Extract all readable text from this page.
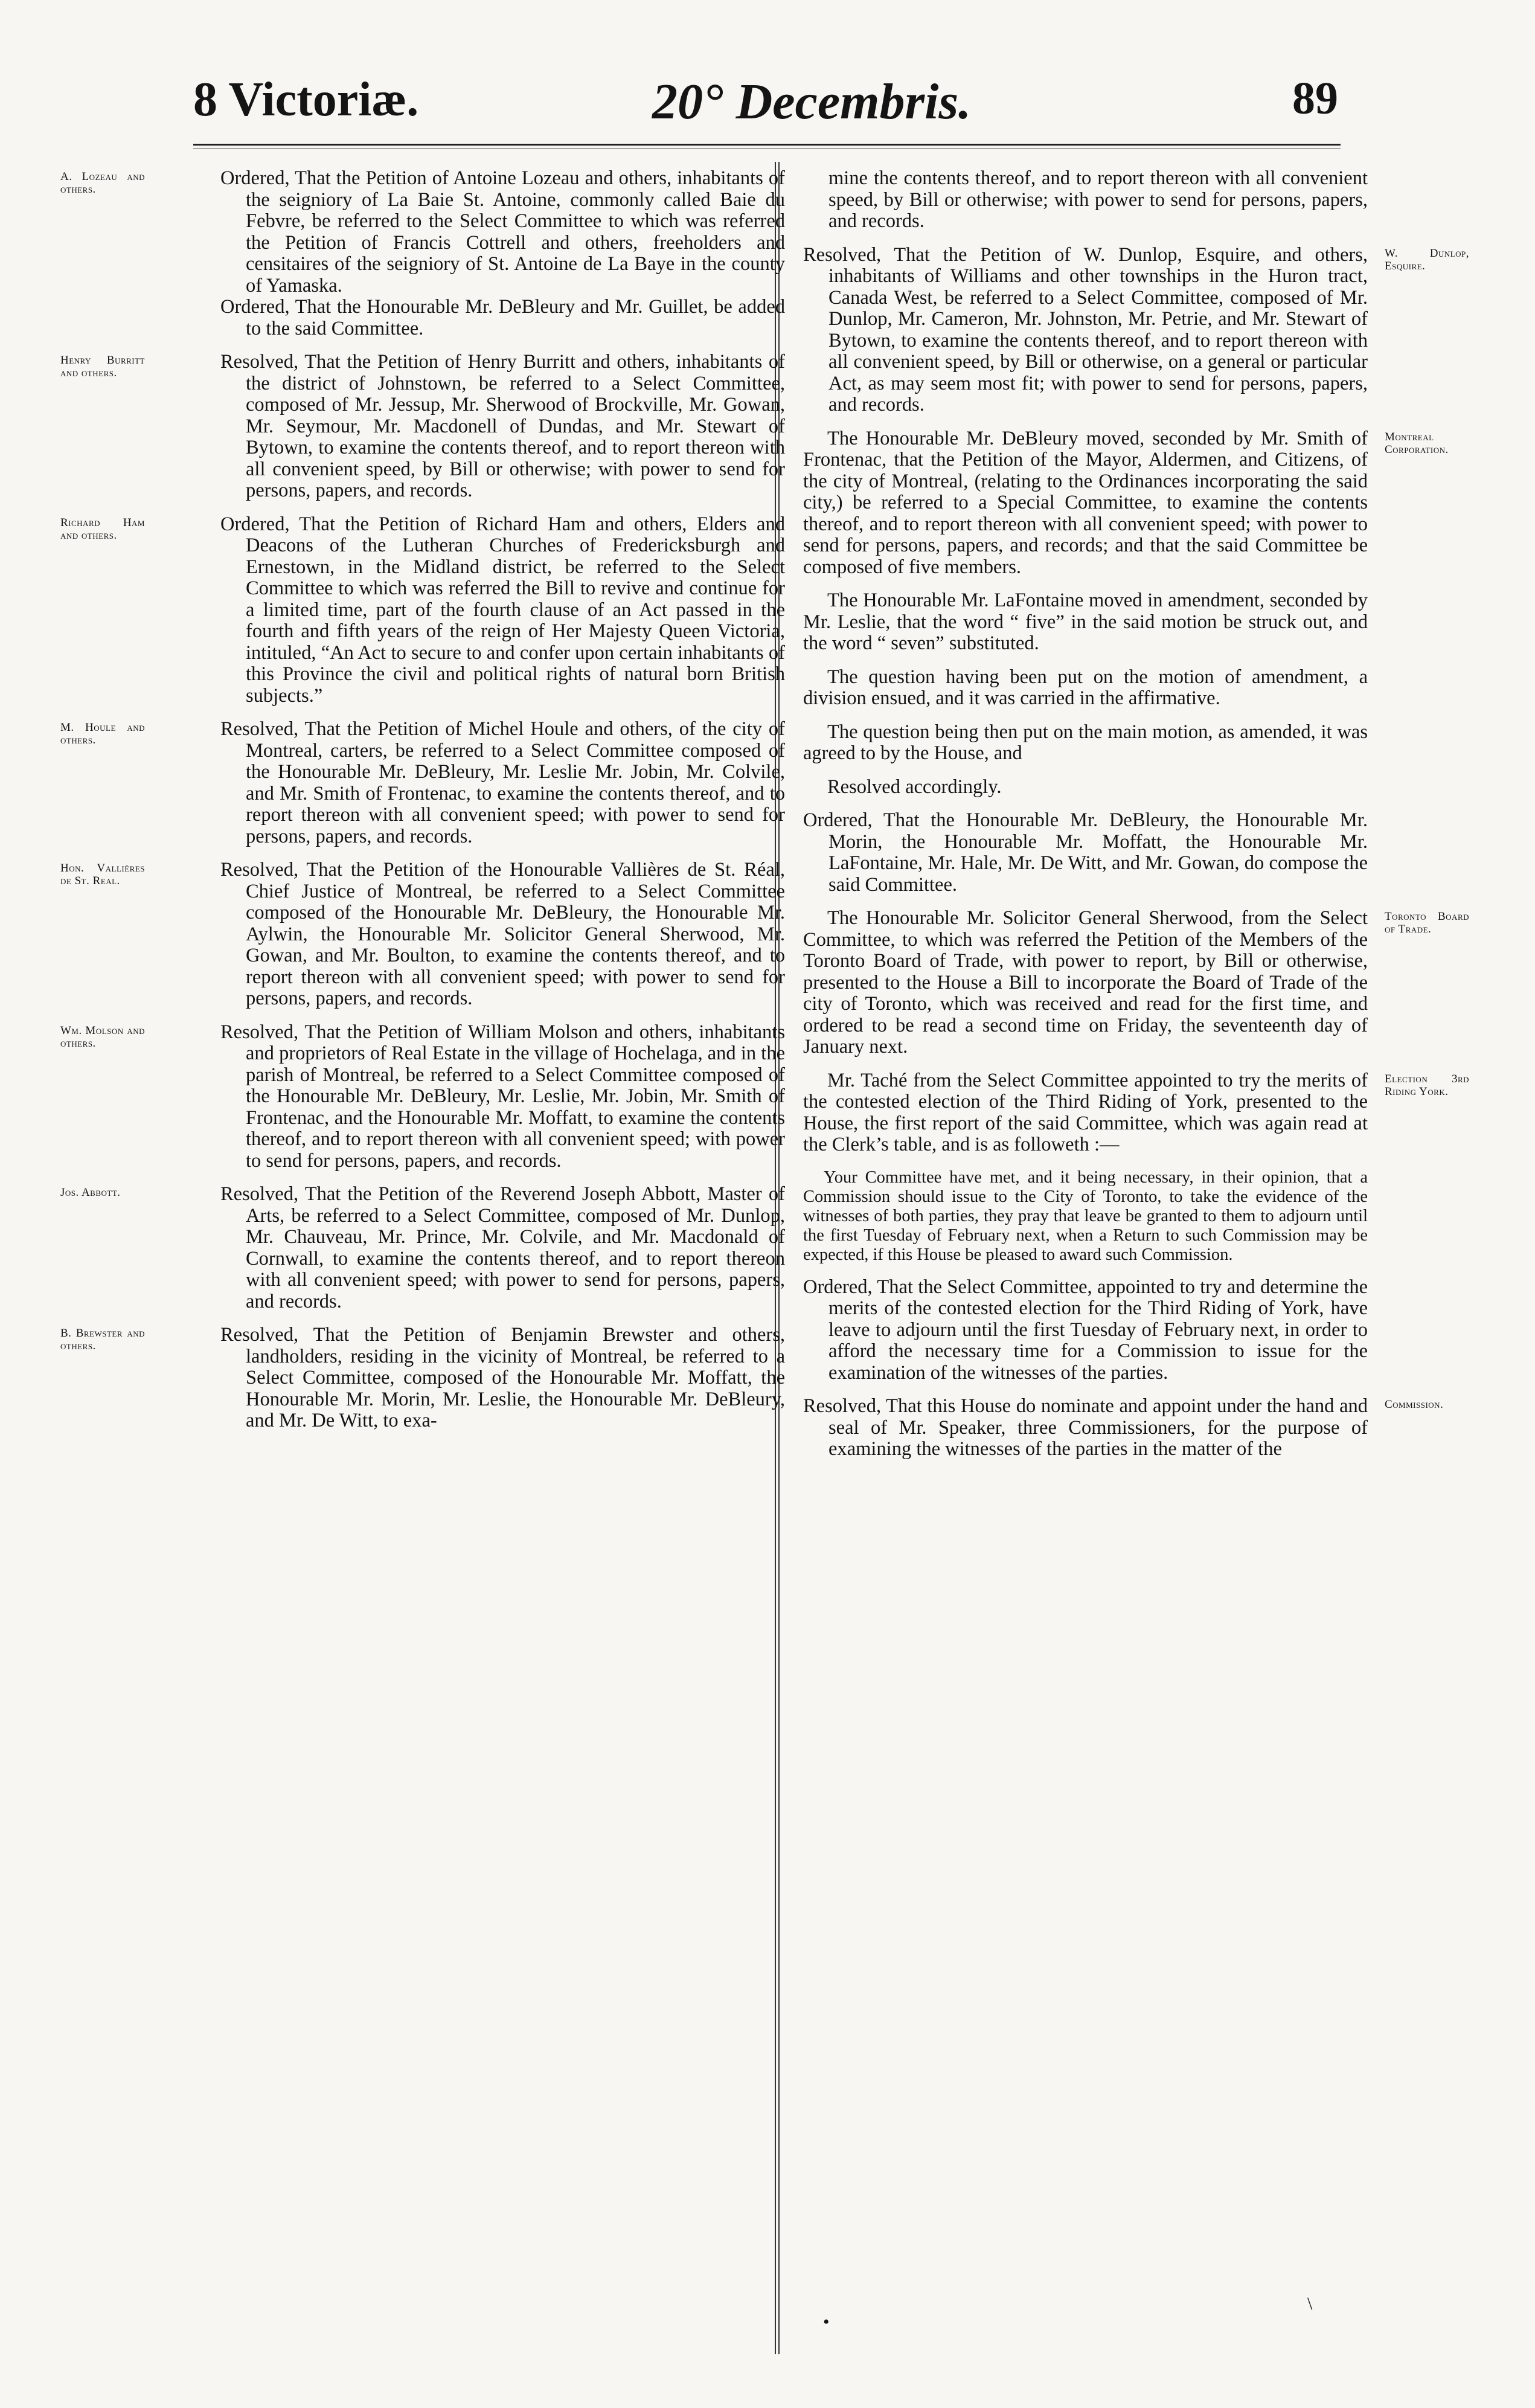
8 Victoriæ.	20° Decembris.	89
A. Lozeau and others.

Ordered, That the Petition of Antoine Lozeau and others, inhabitants of the seigniory of La Baie St. Antoine, commonly called Baie du Febvre, be referred to the Select Committee to which was referred the Petition of Francis Cottrell and others, freeholders and censitaires of the seigniory of St. Antoine de La Baye in the county of Yamaska.

Ordered, That the Honourable Mr. DeBleury and Mr. Guillet, be added to the said Committee.

Henry Burritt and others.

Resolved, That the Petition of Henry Burritt and others, inhabitants of the district of Johnstown, be referred to a Select Committee, composed of Mr. Jessup, Mr. Sherwood of Brockville, Mr. Gowan, Mr. Seymour, Mr. Macdonell of Dundas, and Mr. Stewart of Bytown, to examine the contents thereof, and to report thereon with all convenient speed, by Bill or otherwise; with power to send for persons, papers, and records.

Richard Ham and others.

Ordered, That the Petition of Richard Ham and others, Elders and Deacons of the Lutheran Churches of Fredericksburgh and Ernestown, in the Midland district, be referred to the Select Committee to which was referred the Bill to revive and continue for a limited time, part of the fourth clause of an Act passed in the fourth and fifth years of the reign of Her Majesty Queen Victoria, intituled, “An Act to secure to and confer upon certain inhabitants of this Province the civil and political rights of natural born British subjects.”

M. Houle and others.

Resolved, That the Petition of Michel Houle and others, of the city of Montreal, carters, be referred to a Select Committee composed of the Honourable Mr. DeBleury, Mr. Leslie Mr. Jobin, Mr. Colvile, and Mr. Smith of Frontenac, to examine the contents thereof, and to report thereon with all convenient speed; with power to send for persons, papers, and records.

Hon. Vallières de St. Real.

Resolved, That the Petition of the Honourable Vallières de St. Réal, Chief Justice of Montreal, be referred to a Select Committee composed of the Honourable Mr. DeBleury, the Honourable Mr. Aylwin, the Honourable Mr. Solicitor General Sherwood, Mr. Gowan, and Mr. Boulton, to examine the contents thereof, and to report thereon with all convenient speed; with power to send for persons, papers, and records.

Wm. Molson and others.

Resolved, That the Petition of William Molson and others, inhabitants and proprietors of Real Estate in the village of Hochelaga, and in the parish of Montreal, be referred to a Select Committee composed of the Honourable Mr. DeBleury, Mr. Leslie, Mr. Jobin, Mr. Smith of Frontenac, and the Honourable Mr. Moffatt, to examine the contents thereof, and to report thereon with all convenient speed; with power to send for persons, papers, and records.

Jos. Abbott.	Resolved, That the Petition of the Reverend Joseph Abbott, Master of Arts, be referred to a Select Committee, composed of Mr. Dunlop, Mr. Chauveau, Mr. Prince, Mr. Colvile, and Mr. Macdonald of Cornwall, to examine the contents thereof, and to report thereon with all convenient speed; with power to send for persons, papers, and records.

B. Brewster and others.

Resolved, That the Petition of Benjamin Brewster and others, landholders, residing in the vicinity of Montreal, be referred to a Select Committee, composed of the Honourable Mr. Moffatt, the Honourable Mr. Morin, Mr. Leslie, the Honourable Mr. DeBleury, and Mr. De Witt, to exa-

mine the contents thereof, and to report thereon with all convenient speed, by Bill or otherwise; with power to send for persons, papers, and records.

W. Dunlop, Esquire.

Resolved, That the Petition of W. Dunlop, Esquire, and others, inhabitants of Williams and other townships in the Huron tract, Canada West, be referred to a Select Committee, composed of Mr. Dunlop, Mr. Cameron, Mr. Johnston, Mr. Petrie, and Mr. Stewart of Bytown, to examine the contents thereof, and to report thereon with all convenient speed, by Bill or otherwise, on a general or particular Act, as may seem most fit; with power to send for persons, papers, and records.

Montreal Corporation.

The Honourable Mr. DeBleury moved, seconded by Mr. Smith of Frontenac, that the Petition of the Mayor, Aldermen, and Citizens, of the city of Montreal, (relating to the Ordinances incorporating the said city,) be referred to a Special Committee, to examine the contents thereof, and to report thereon with all convenient speed; with power to send for persons, papers, and records; and that the said Committee be composed of five members.

The Honourable Mr. LaFontaine moved in amendment, seconded by Mr. Leslie, that the word “ five” in the said motion be struck out, and the word “ seven” substituted.

The question having been put on the motion of amendment, a division ensued, and it was carried in the affirmative.

The question being then put on the main motion, as amended, it was agreed to by the House, and

Resolved accordingly.

Ordered, That the Honourable Mr. DeBleury, the Honourable Mr. Morin, the Honourable Mr. Moffatt, the Honourable Mr. LaFontaine, Mr. Hale, Mr. De Witt, and Mr. Gowan, do compose the said Committee.

Toronto Board of Trade.

The Honourable Mr. Solicitor General Sherwood, from the Select Committee, to which was referred the Petition of the Members of the Toronto Board of Trade, with power to report, by Bill or otherwise, presented to the House a Bill to incorporate the Board of Trade of the city of Toronto, which was received and read for the first time, and ordered to be read a second time on Friday, the seventeenth day of January next.

Election 3rd Riding York.

Mr. Taché from the Select Committee appointed to try the merits of the contested election of the Third Riding of York, presented to the House, the first report of the said Committee, which was again read at the Clerk’s table, and is as followeth :—

Your Committee have met, and it being necessary, in their opinion, that a Commission should issue to the City of Toronto, to take the evidence of the witnesses of both parties, they pray that leave be granted to them to adjourn until the first Tuesday of February next, when a Return to such Commission may be expected, if this House be pleased to award such Commission.

Ordered, That the Select Committee, appointed to try and determine the merits of the contested election for the Third Riding of York, have leave to adjourn until the first Tuesday of February next, in order to afford the necessary time for a Commission to issue for the examination of the witnesses of the parties.

Commission.

Resolved, That this House do nominate and appoint under the hand and seal of Mr. Speaker, three Commissioners, for the purpose of examining the witnesses of the parties in the matter of the

•
\
